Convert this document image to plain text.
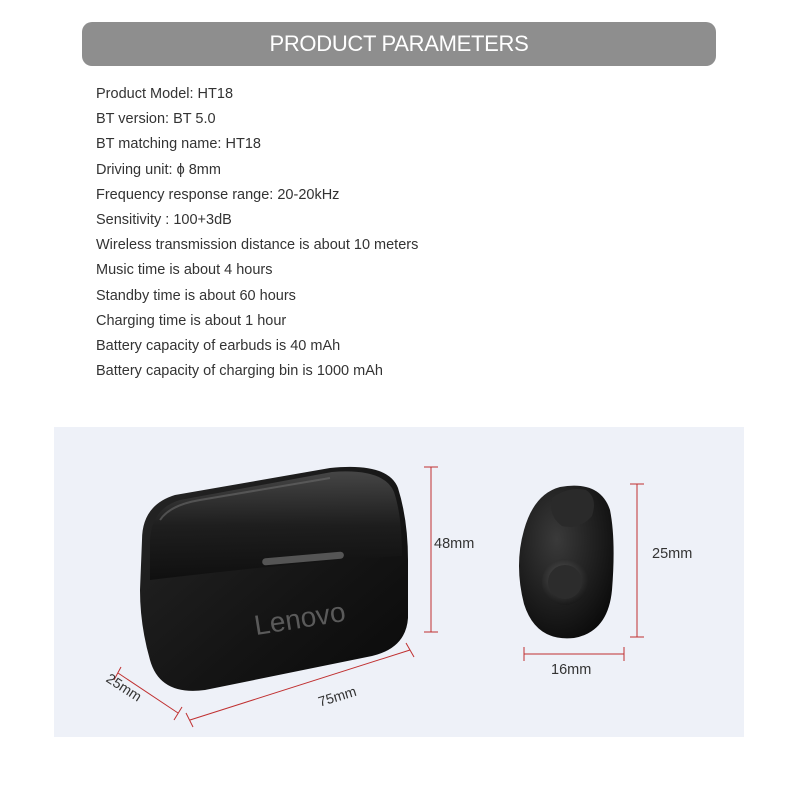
PRODUCT PARAMETERS
Product Model: HT18
BT version: BT 5.0
BT matching name: HT18
Driving unit: ϕ 8mm
Frequency response range: 20-20kHz
Sensitivity : 100+3dB
Wireless transmission distance is about 10 meters
Music time is about 4 hours
Standby time is about 60 hours
Charging time is about 1 hour
Battery capacity of earbuds is 40 mAh
Battery capacity of charging bin is 1000 mAh
Lenovo
75mm
25mm
48mm
25mm
16mm
